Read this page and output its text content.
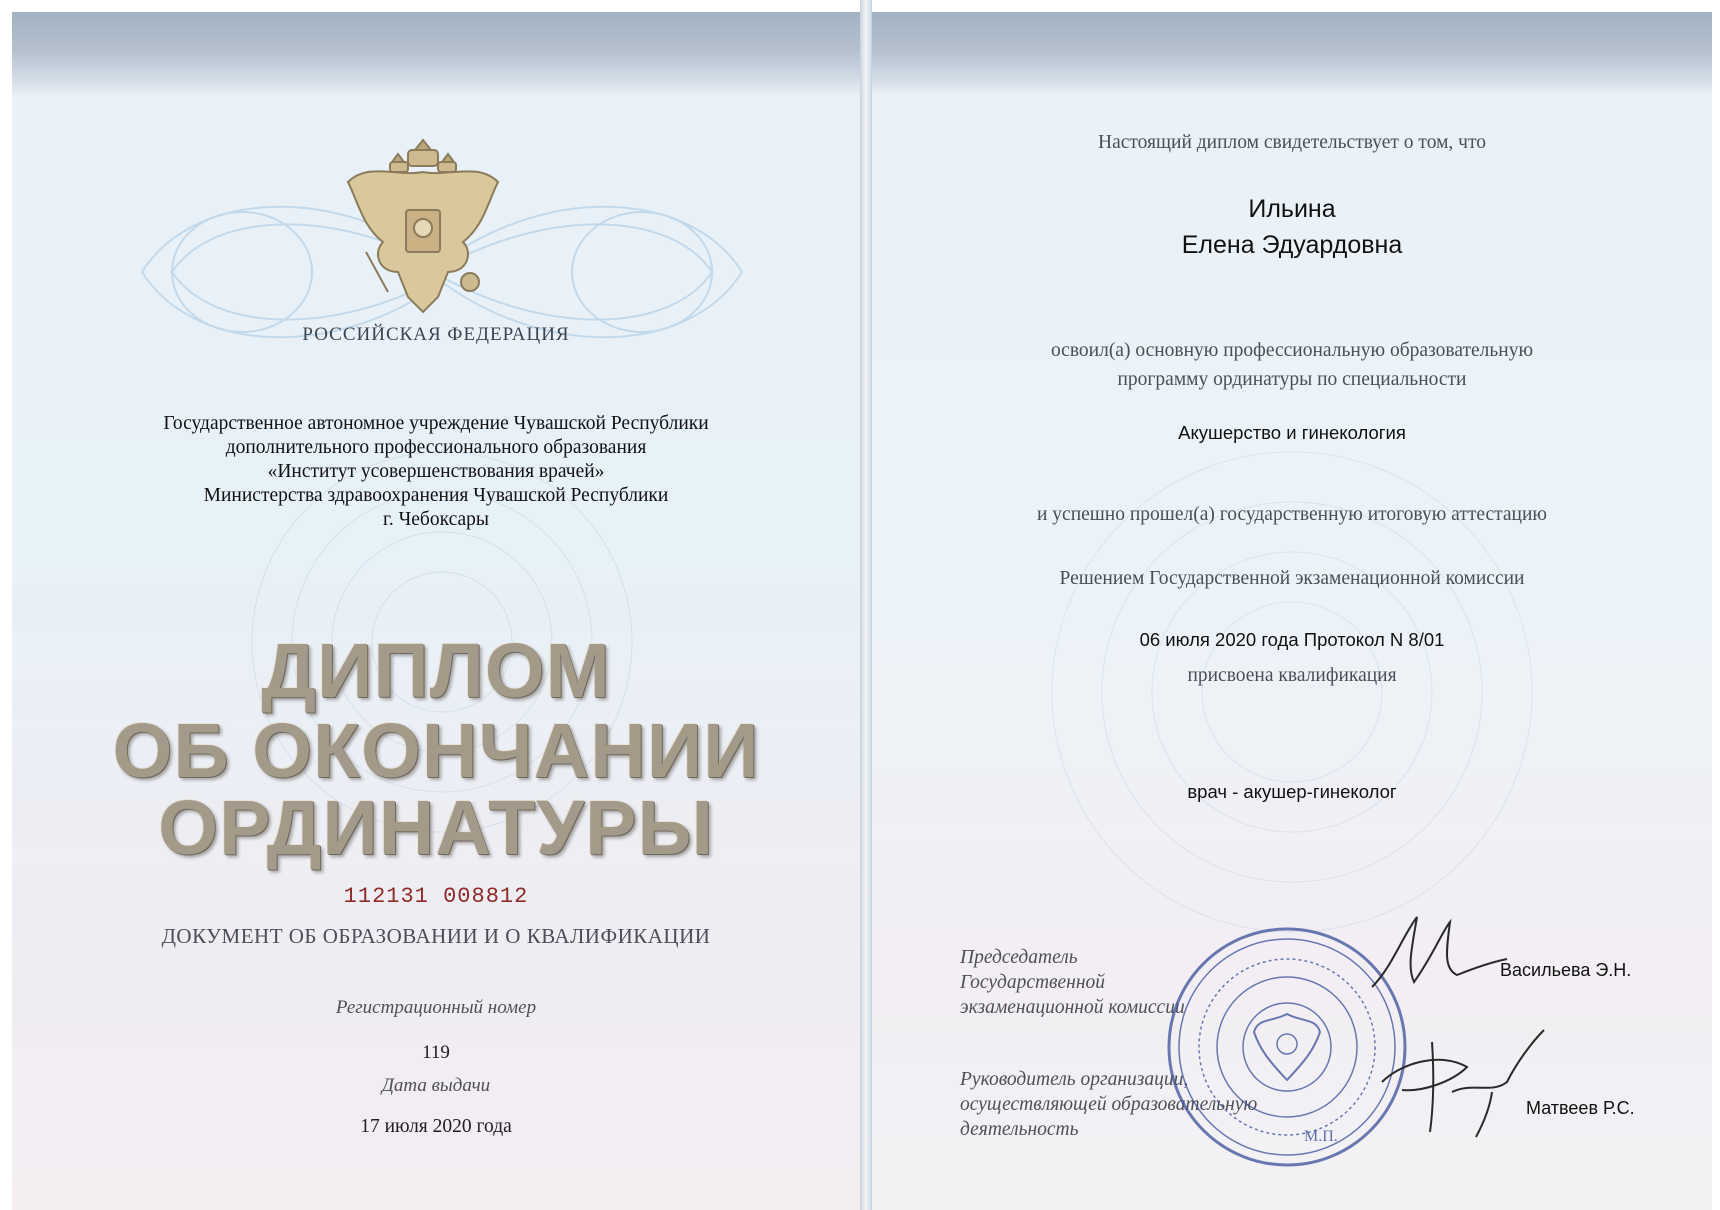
РОССИЙСКАЯ ФЕДЕРАЦИЯ
Государственное автономное учреждение Чувашской Республики
дополнительного профессионального образования
«Институт усовершенствования врачей»
Министерства здравоохранения Чувашской Республики
г. Чебоксары
ДИПЛОМ
ОБ ОКОНЧАНИИ
ОРДИНАТУРЫ
112131 008812
ДОКУМЕНТ ОБ ОБРАЗОВАНИИ И О КВАЛИФИКАЦИИ
Регистрационный номер
119
Дата выдачи
17 июля 2020 года
Настоящий диплом свидетельствует о том, что
Ильина
Елена Эдуардовна
освоил(а) основную профессиональную образовательную
программу ординатуры по специальности
Акушерство и гинекология
и успешно прошел(а) государственную итоговую аттестацию
Решением Государственной экзаменационной комиссии
06 июля 2020 года Протокол N 8/01
присвоена квалификация
врач - акушер-гинеколог
Председатель
Государственной
экзаменационной комиссии
Руководитель организации,
осуществляющей образовательную
деятельность	М.П.
Васильева Э.Н.
Матвеев Р.С.
